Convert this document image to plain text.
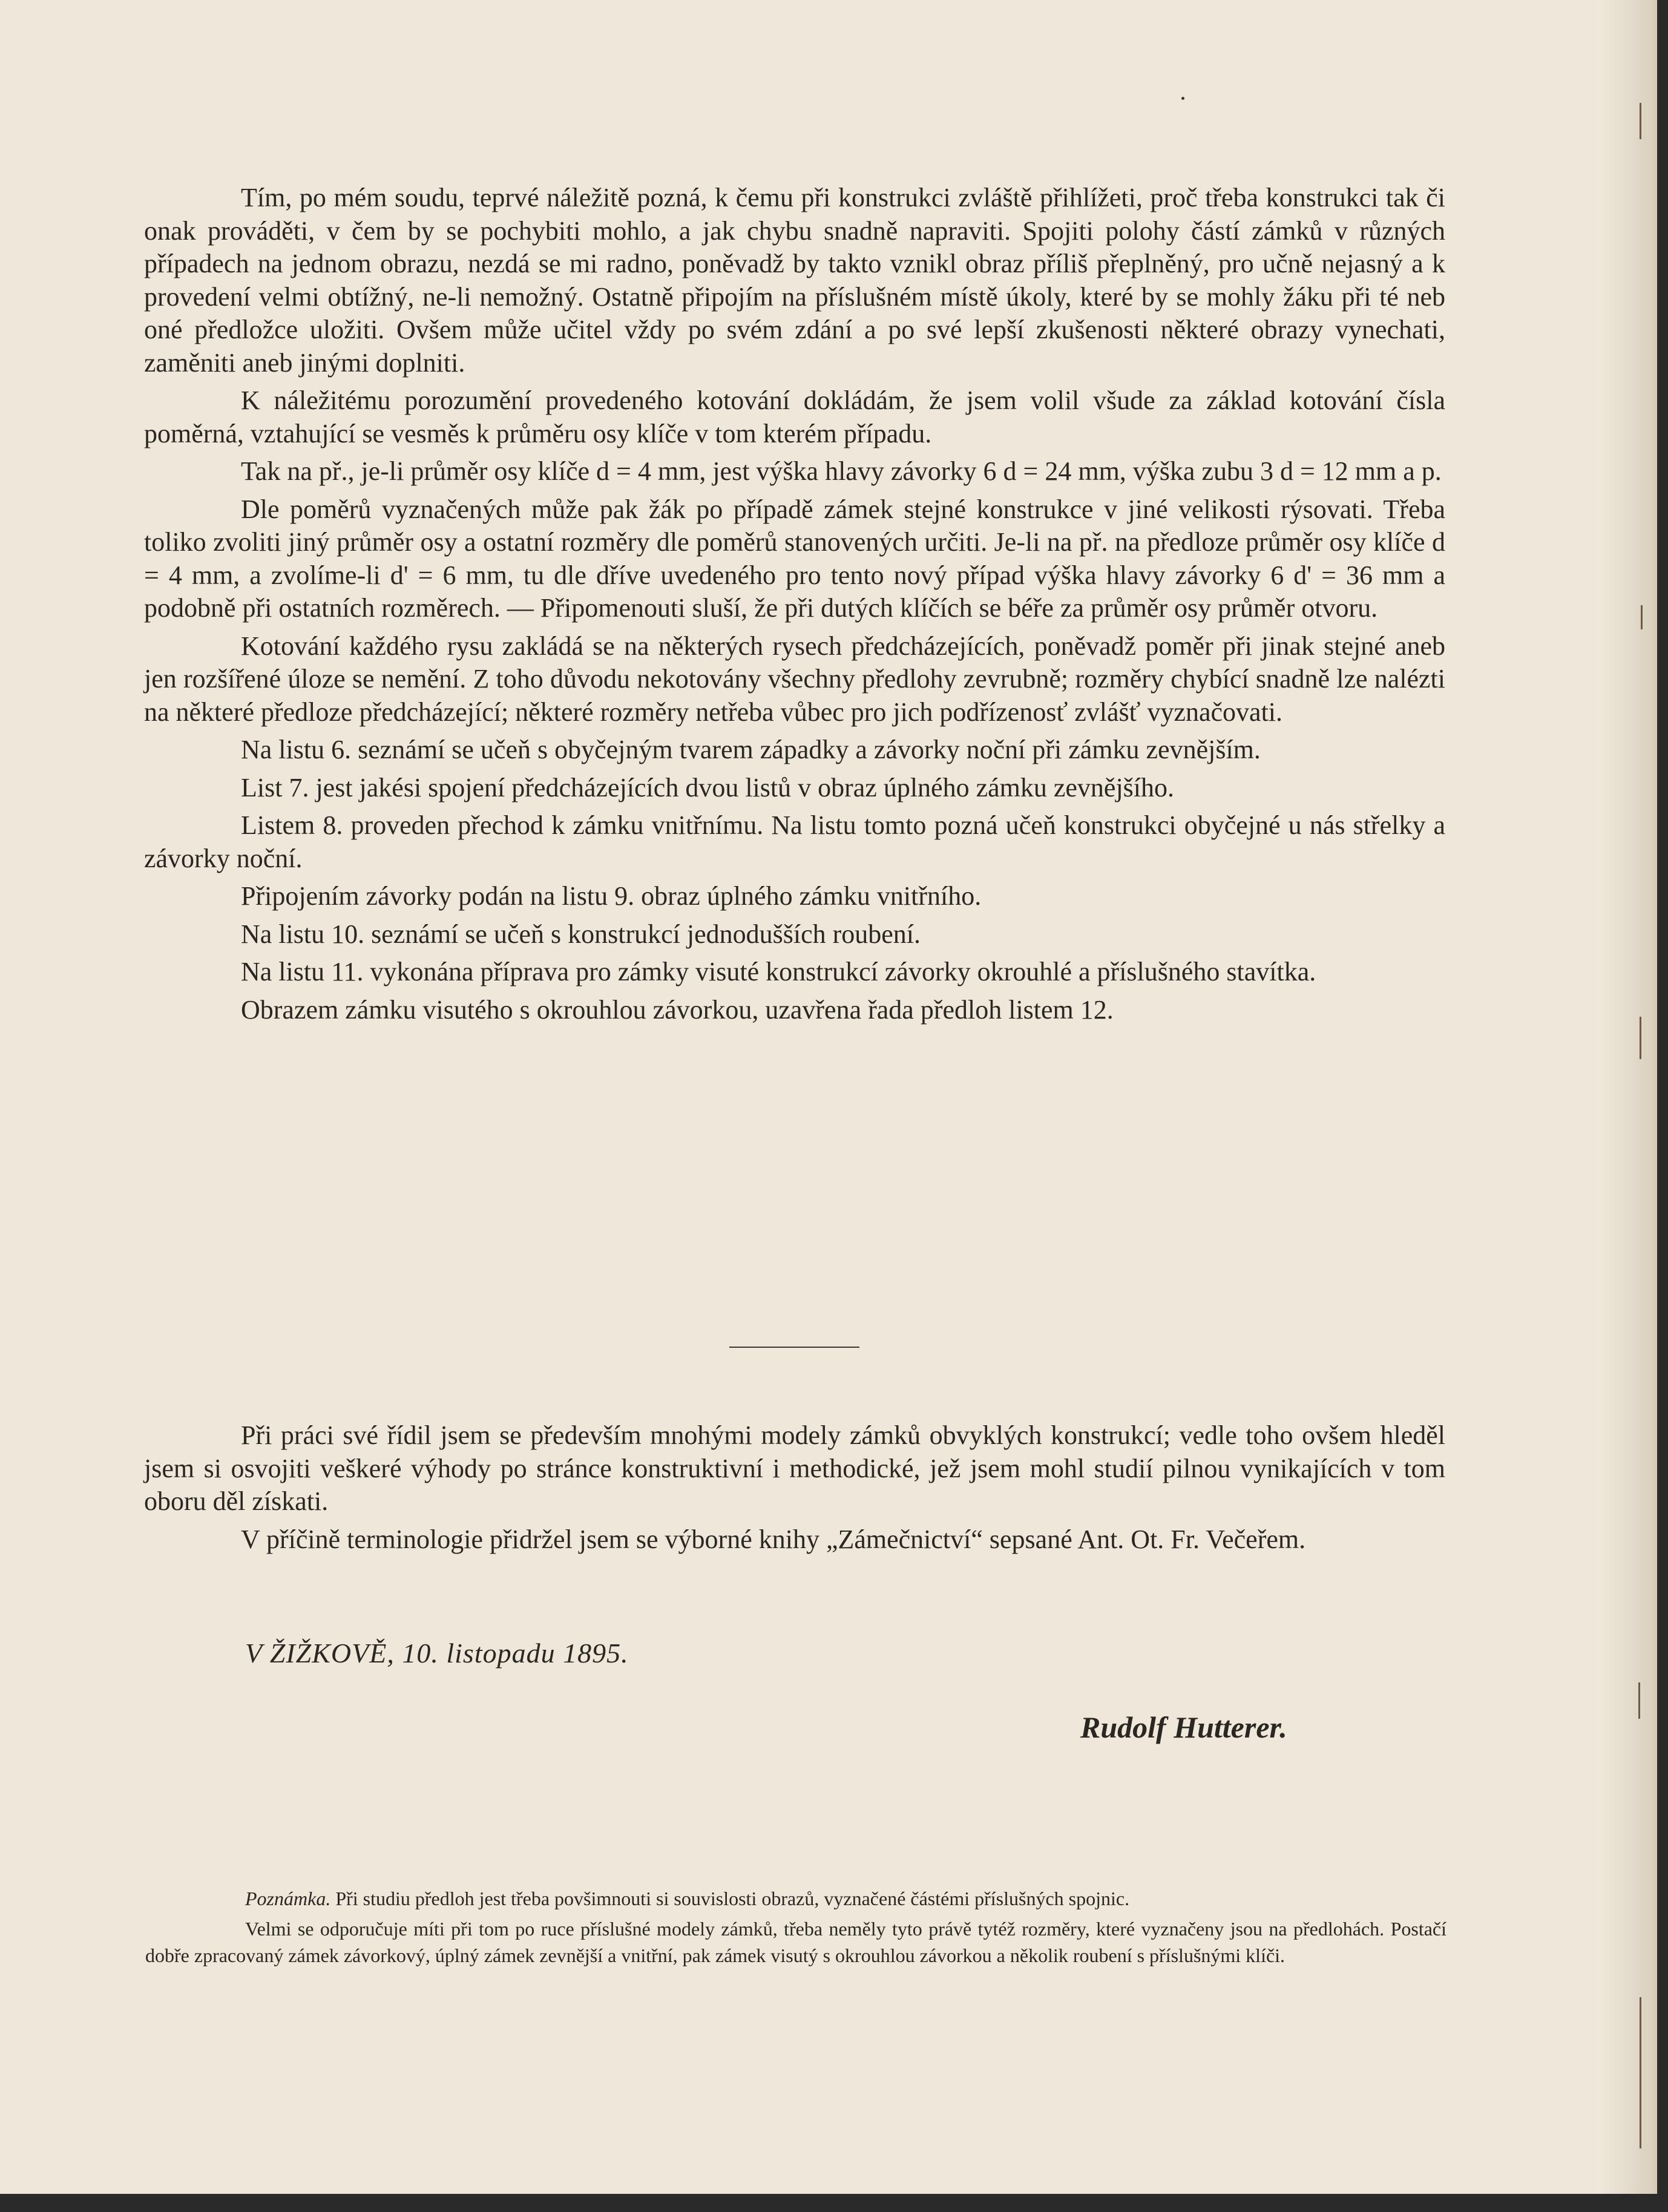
Tím, po mém soudu, teprvé náležitě pozná, k čemu při konstrukci zvláště přihlížeti, proč třeba konstrukci tak či onak prováděti, v čem by se pochybiti mohlo, a jak chybu snadně napraviti. Spojiti polohy částí zámků v různých případech na jednom obrazu, nezdá se mi radno, poněvadž by takto vznikl obraz příliš přeplněný, pro učně nejasný a k provedení velmi obtížný, ne-li nemožný. Ostatně připojím na příslušném místě úkoly, které by se mohly žáku při té neb oné předložce uložiti. Ovšem může učitel vždy po svém zdání a po své lepší zkušenosti některé obrazy vynechati, zaměniti aneb jinými doplniti.

K náležitému porozumění provedeného kotování dokládám, že jsem volil všude za základ kotování čísla poměrná, vztahující se vesměs k průměru osy klíče v tom kterém případu.

Tak na př., je-li průměr osy klíče d = 4 mm, jest výška hlavy závorky 6 d = 24 mm, výška zubu 3 d = 12 mm a p.

Dle poměrů vyznačených může pak žák po případě zámek stejné konstrukce v jiné velikosti rýsovati. Třeba toliko zvoliti jiný průměr osy a ostatní rozměry dle poměrů stanovených určiti. Je-li na př. na předloze průměr osy klíče d = 4 mm, a zvolíme-li d' = 6 mm, tu dle dříve uvedeného pro tento nový případ výška hlavy závorky 6 d' = 36 mm a podobně při ostatních rozměrech. — Připomenouti sluší, že při dutých klíčích se béře za průměr osy průměr otvoru.

Kotování každého rysu zakládá se na některých rysech předcházejících, poněvadž poměr při jinak stejné aneb jen rozšířené úloze se nemění. Z toho důvodu nekotovány všechny předlohy zevrubně; rozměry chybící snadně lze nalézti na některé předloze předcházející; některé rozměry netřeba vůbec pro jich podřízenosť zvlášť vyznačovati.

Na listu 6. seznámí se učeň s obyčejným tvarem západky a závorky noční při zámku zevnějším.

List 7. jest jakési spojení předcházejících dvou listů v obraz úplného zámku zevnějšího.

Listem 8. proveden přechod k zámku vnitřnímu. Na listu tomto pozná učeň konstrukci obyčejné u nás střelky a závorky noční.

Připojením závorky podán na listu 9. obraz úplného zámku vnitřního.

Na listu 10. seznámí se učeň s konstrukcí jednodušších roubení.

Na listu 11. vykonána příprava pro zámky visuté konstrukcí závorky okrouhlé a příslušného stavítka.

Obrazem zámku visutého s okrouhlou závorkou, uzavřena řada předloh listem 12.

Při práci své řídil jsem se především mnohými modely zámků obvyklých konstrukcí; vedle toho ovšem hleděl jsem si osvojiti veškeré výhody po stránce konstruktivní i methodické, jež jsem mohl studií pilnou vynikajících v tom oboru děl získati.

V příčině terminologie přidržel jsem se výborné knihy „Zámečnictví“ sepsané Ant. Ot. Fr. Večeřem.

V ŽIŽKOVĚ, 10. listopadu 1895.
Rudolf Hutterer.

Poznámka. Při studiu předloh jest třeba povšimnouti si souvislosti obrazů, vyznačené částémi příslušných spojnic.

Velmi se odporučuje míti při tom po ruce příslušné modely zámků, třeba neměly tyto právě tytéž rozměry, které vyznačeny jsou na předlohách. Postačí dobře zpracovaný zámek závorkový, úplný zámek zevnější a vnitřní, pak zámek visutý s okrouhlou závorkou a několik roubení s příslušnými klíči.
